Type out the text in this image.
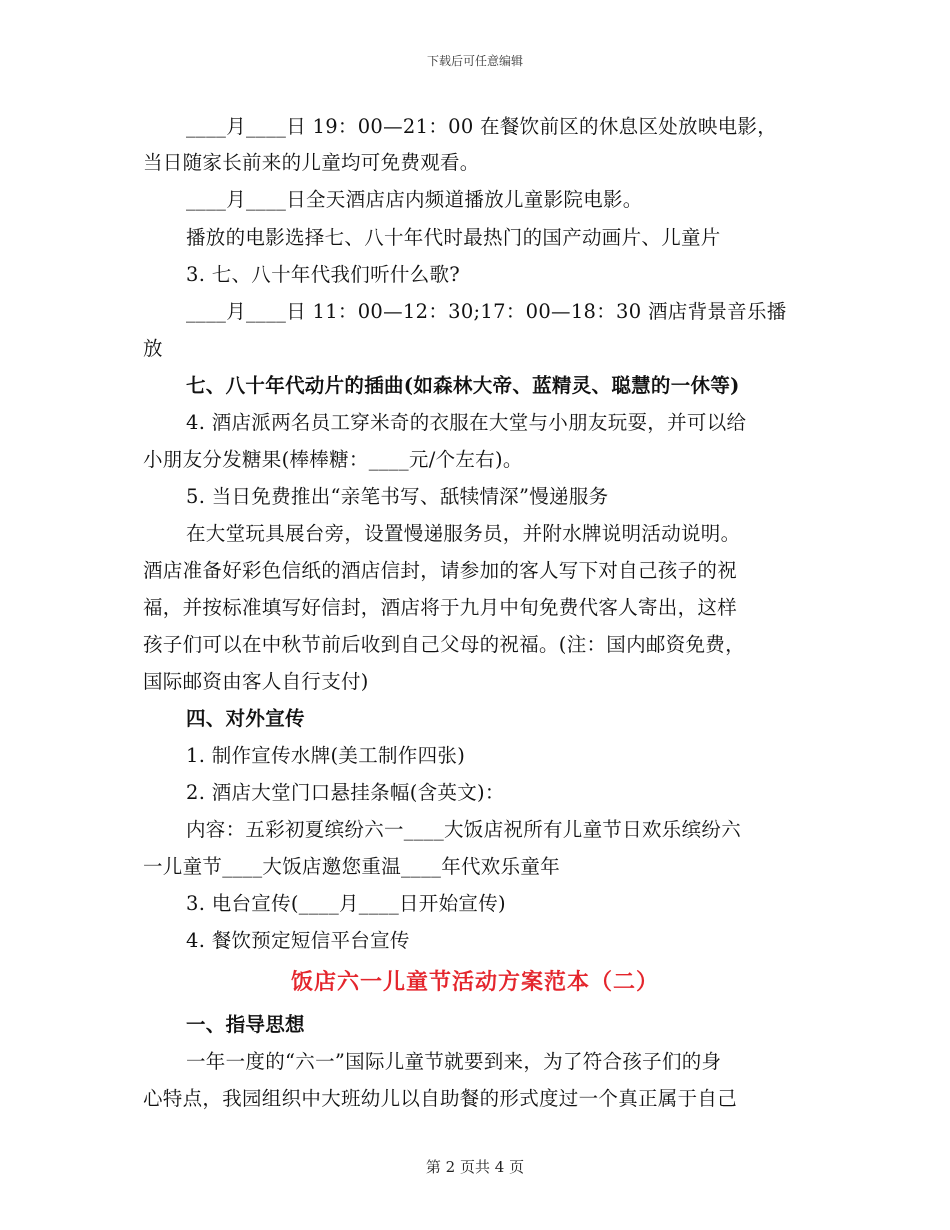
下载后可任意编辑
____月____日 19：00—21：00 在餐饮前区的休息区处放映电影，
当日随家长前来的儿童均可免费观看。
____月____日全天酒店店内频道播放儿童影院电影。
播放的电影选择七、八十年代时最热门的国产动画片、儿童片
3. 七、八十年代我们听什么歌?
____月____日 11：00—12：30;17：00—18：30 酒店背景音乐播
放
七、八十年代动片的插曲(如森林大帝、蓝精灵、聪慧的一休等)
4. 酒店派两名员工穿米奇的衣服在大堂与小朋友玩耍，并可以给
小朋友分发糖果(棒棒糖：____元/个左右)。
5. 当日免费推出“亲笔书写、舐犊情深”慢递服务
在大堂玩具展台旁，设置慢递服务员，并附水牌说明活动说明。
酒店准备好彩色信纸的酒店信封，请参加的客人写下对自己孩子的祝
福，并按标准填写好信封，酒店将于九月中旬免费代客人寄出，这样
孩子们可以在中秋节前后收到自己父母的祝福。(注：国内邮资免费，
国际邮资由客人自行支付)
四、对外宣传
1. 制作宣传水牌(美工制作四张)
2. 酒店大堂门口悬挂条幅(含英文)：
内容：五彩初夏缤纷六一____大饭店祝所有儿童节日欢乐缤纷六
一儿童节____大饭店邀您重温____年代欢乐童年
3. 电台宣传(____月____日开始宣传)
4. 餐饮预定短信平台宣传
饭店六一儿童节活动方案范本（二）
一、指导思想
一年一度的“六一”国际儿童节就要到来，为了符合孩子们的身
心特点，我园组织中大班幼儿以自助餐的形式度过一个真正属于自己
第 2 页共 4 页
